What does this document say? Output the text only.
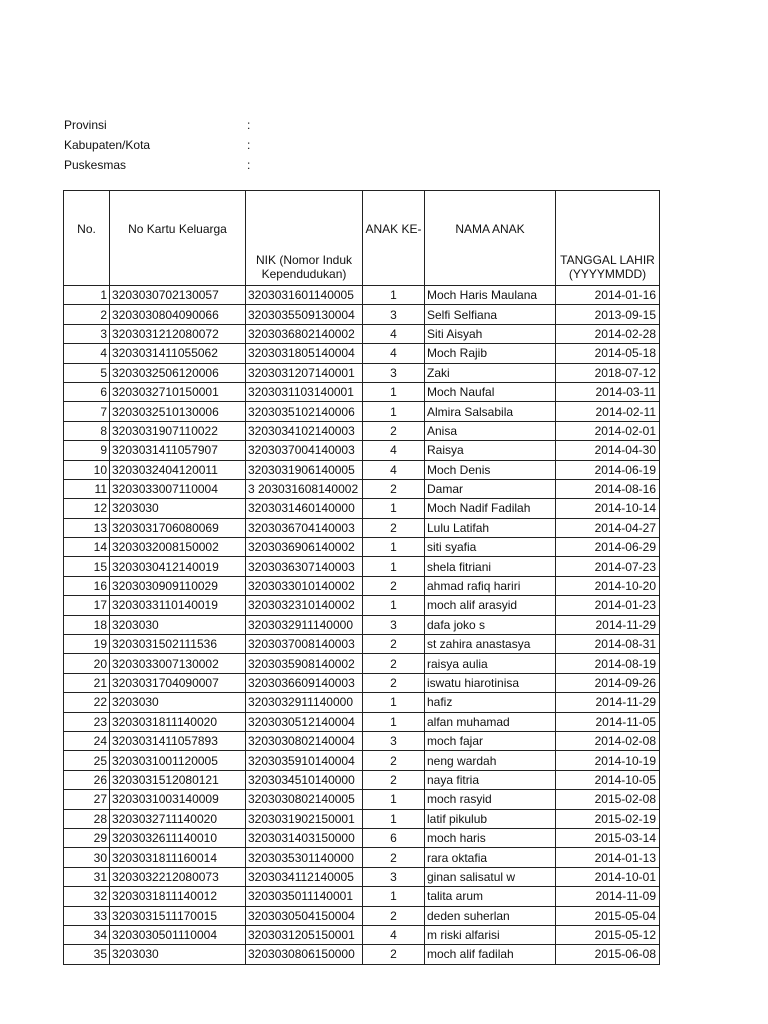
Provinsi	:
Kabupaten/Kota	:
Puskesmas	:
No.	No Kartu Keluarga	NIK (Nomor Induk Kependudukan)	ANAK KE-	NAMA ANAK	TANGGAL LAHIR (YYYYMMDD)
1	3203030702130057	3203031601140005	1	Moch Haris Maulana	2014-01-16
2	3203030804090066	3203035509130004	3	Selfi Selfiana	2013-09-15
3	3203031212080072	3203036802140002	4	Siti Aisyah	2014-02-28
4	3203031411055062	3203031805140004	4	Moch Rajib	2014-05-18
5	3203032506120006	3203031207140001	3	Zaki	2018-07-12
6	3203032710150001	3203031103140001	1	Moch Naufal	2014-03-11
7	3203032510130006	3203035102140006	1	Almira Salsabila	2014-02-11
8	3203031907110022	3203034102140003	2	Anisa	2014-02-01
9	3203031411057907	3203037004140003	4	Raisya	2014-04-30
10	3203032404120011	3203031906140005	4	Moch Denis	2014-06-19
11	3203033007110004	3 203031608140002	2	Damar	2014-08-16
12	3203030	3203031460140000	1	Moch Nadif Fadilah	2014-10-14
13	3203031706080069	3203036704140003	2	Lulu Latifah	2014-04-27
14	3203032008150002	3203036906140002	1	siti syafia	2014-06-29
15	3203030412140019	3203036307140003	1	shela fitriani	2014-07-23
16	3203030909110029	3203033010140002	2	ahmad rafiq hariri	2014-10-20
17	3203033110140019	3203032310140002	1	moch alif arasyid	2014-01-23
18	3203030	3203032911140000	3	dafa joko s	2014-11-29
19	3203031502111536	3203037008140003	2	st zahira anastasya	2014-08-31
20	3203033007130002	3203035908140002	2	raisya aulia	2014-08-19
21	3203031704090007	3203036609140003	2	iswatu hiarotinisa	2014-09-26
22	3203030	3203032911140000	1	hafiz	2014-11-29
23	3203031811140020	3203030512140004	1	alfan muhamad	2014-11-05
24	3203031411057893	3203030802140004	3	moch fajar	2014-02-08
25	3203031001120005	3203035910140004	2	neng wardah	2014-10-19
26	3203031512080121	3203034510140000	2	naya fitria	2014-10-05
27	3203031003140009	3203030802140005	1	moch rasyid	2015-02-08
28	3203032711140020	3203031902150001	1	latif pikulub	2015-02-19
29	3203032611140010	3203031403150000	6	moch haris	2015-03-14
30	3203031811160014	3203035301140000	2	rara oktafia	2014-01-13
31	3203032212080073	3203034112140005	3	ginan salisatul w	2014-10-01
32	3203031811140012	3203035011140001	1	talita arum	2014-11-09
33	3203031511170015	3203030504150004	2	deden suherlan	2015-05-04
34	3203030501110004	3203031205150001	4	m riski alfarisi	2015-05-12
35	3203030	3203030806150000	2	moch alif fadilah	2015-06-08
